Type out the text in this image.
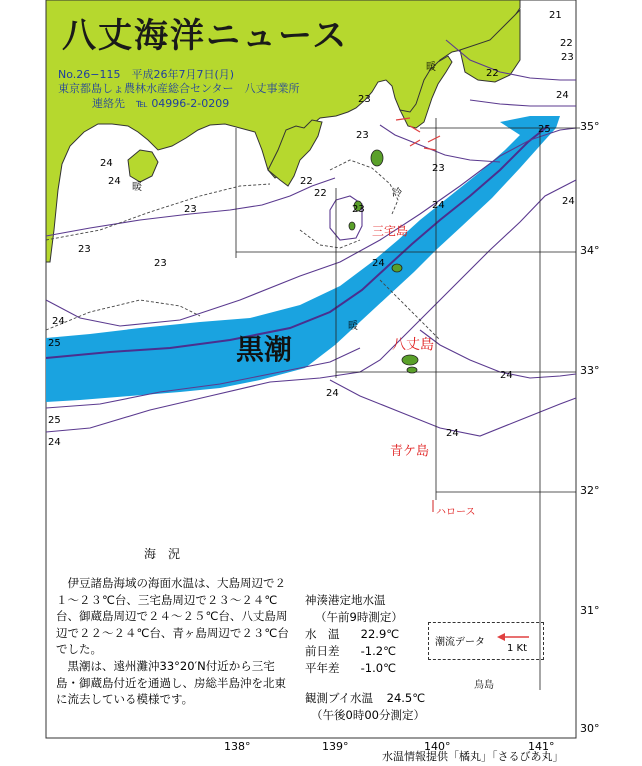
八丈海洋ニュース
No.26−115　平成26年7月7日(月)
東京都島しょ農林水産総合センター　八丈事業所
連絡先　℡ 04996-2-0209
黒潮
三宅島
八丈島
青ケ島
ハロース
鳥島
暖
冷
暖
暖
35°
34°
33°
32°
31°
30°
138°	139°	140°	141°
21
22
22
23
24
23
25
24
24
23
23
22
22
23
23
24
23
24
23
24
25
24
25
24
24
24
24
海　況

伊豆諸島海域の海面水温は、大島周辺で２１～２３℃台、三宅島周辺で２３～２４℃台、御蔵島周辺で２４～２５℃台、八丈島周辺で２２～２４℃台、青ヶ島周辺で２３℃台でした。

黒潮は、遠州灘沖33°20′N付近から三宅島・御蔵島付近を通過し、房総半島沖を北東に流去している模様です。

神湊港定地水温
（午前9時測定）
水　温 22.9℃
前日差 -1.2℃
平年差 -1.0℃
観測ブイ水温 24.5℃
（午後0時00分測定）
潮流データ
1 Kt
水温情報提供「橘丸」「さるびあ丸」
